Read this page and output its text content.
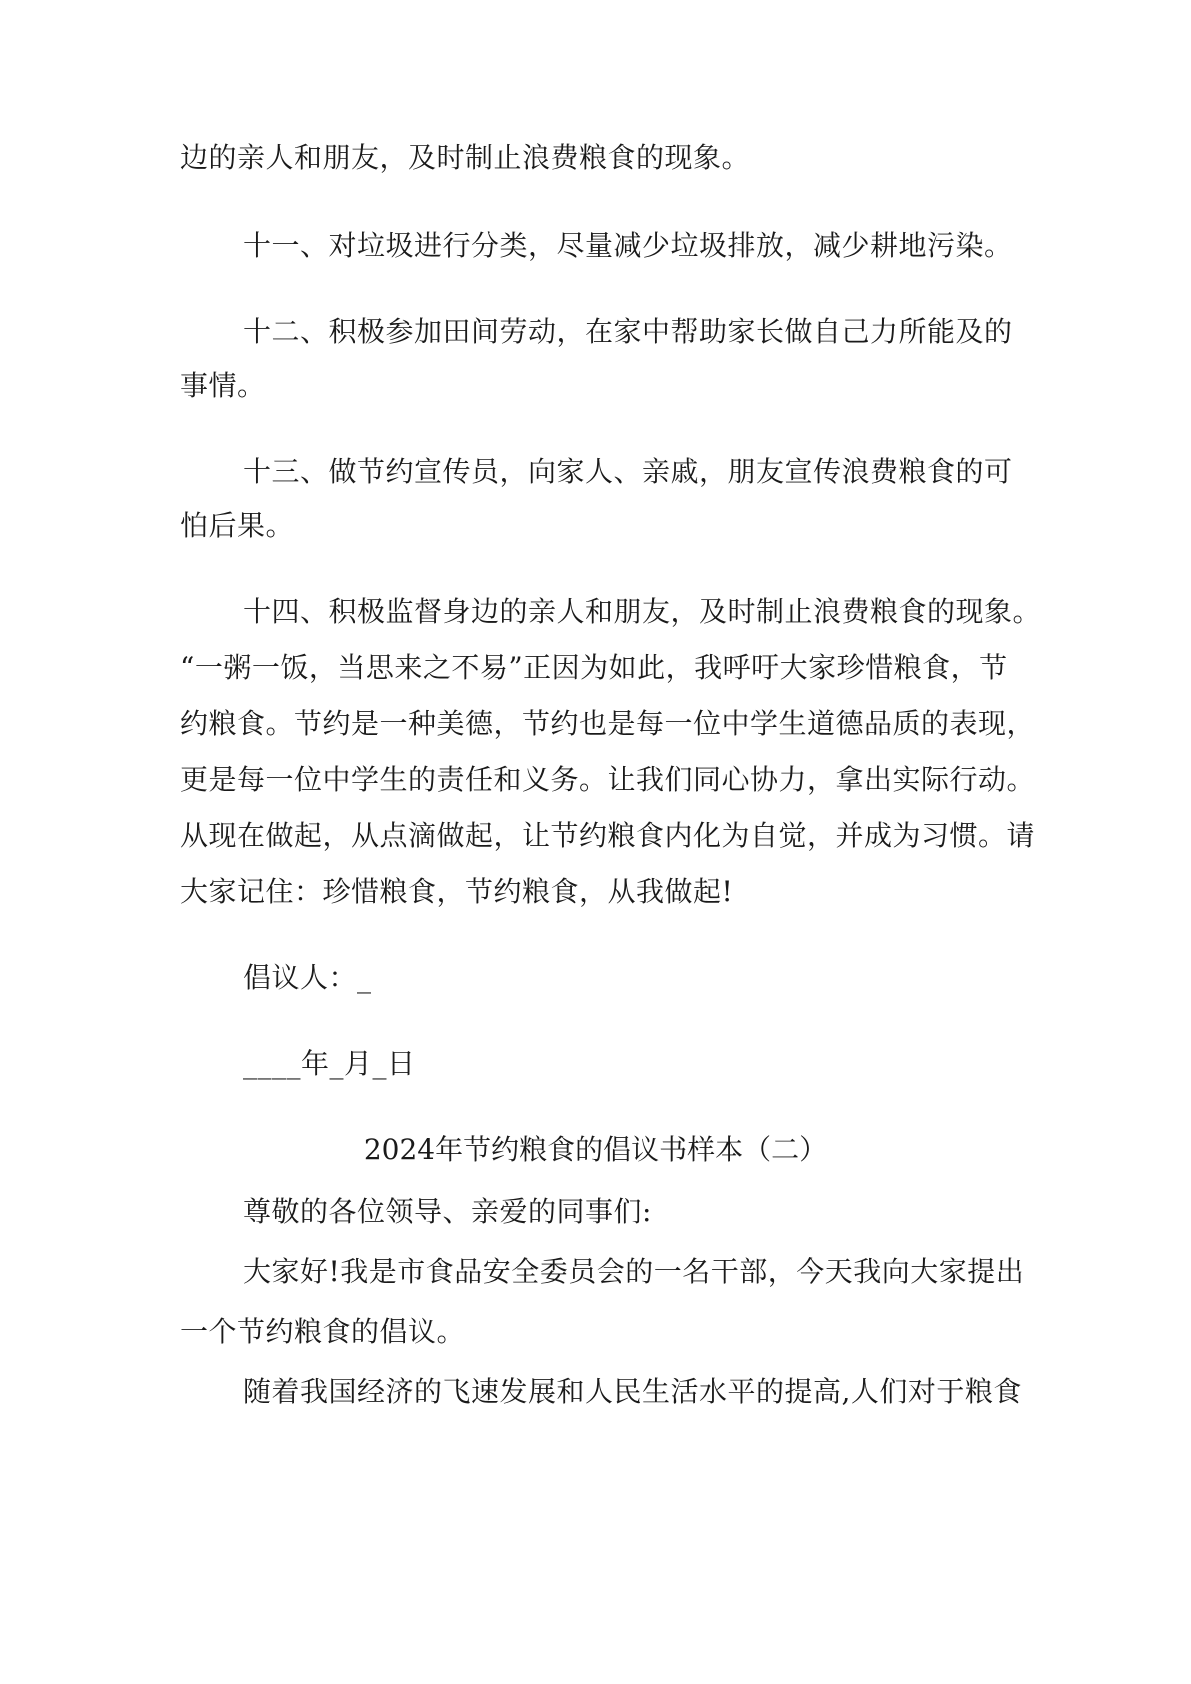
边的亲人和朋友，及时制止浪费粮食的现象。
十一、对垃圾进行分类，尽量减少垃圾排放，减少耕地污染。
十二、积极参加田间劳动，在家中帮助家长做自己力所能及的
事情。
十三、做节约宣传员，向家人、亲戚，朋友宣传浪费粮食的可
怕后果。
十四、积极监督身边的亲人和朋友，及时制止浪费粮食的现象。
“一粥一饭，当思来之不易”正因为如此，我呼吁大家珍惜粮食，节
约粮食。节约是一种美德，节约也是每一位中学生道德品质的表现，
更是每一位中学生的责任和义务。让我们同心协力，拿出实际行动。
从现在做起，从点滴做起，让节约粮食内化为自觉，并成为习惯。请
大家记住：珍惜粮食，节约粮食，从我做起!
倡议人：_
____年_月_日
2024年节约粮食的倡议书样本（二）
尊敬的各位领导、亲爱的同事们:
大家好!我是市食品安全委员会的一名干部，今天我向大家提出
一个节约粮食的倡议。
随着我国经济的飞速发展和人民生活水平的提高,人们对于粮食
